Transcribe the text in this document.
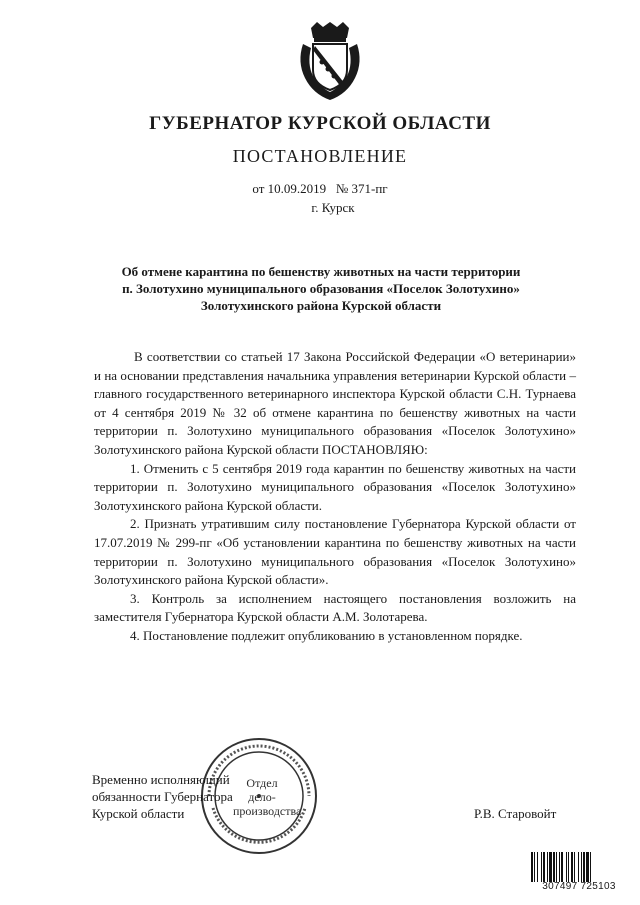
ГУБЕРНАТОР КУРСКОЙ ОБЛАСТИ
ПОСТАНОВЛЕНИЕ
от 10.09.2019   № 371-пг
г. Курск
Об отмене карантина по бешенству животных на части территории
п. Золотухино муниципального образования «Поселок Золотухино»
Золотухинского района Курской области

В соответствии со статьей 17 Закона Российской Федерации «О ветеринарии» и на основании представления начальника управления ветеринарии Курской области – главного государственного ветеринарного инспектора Курской области С.Н. Турнаева от 4 сентября 2019 № 32 об отмене карантина по бешенству животных на части территории п. Золотухино муниципального образования «Поселок Золотухино» Золотухинского района Курской области ПОСТАНОВЛЯЮ:

1. Отменить с 5 сентября 2019 года карантин по бешенству животных на части территории п. Золотухино муниципального образования «Поселок Золотухино» Золотухинского района Курской области.

2. Признать утратившим силу постановление Губернатора Курской области от 17.07.2019 № 299-пг «Об установлении карантина по бешенству животных на части территории п. Золотухино муниципального образования «Поселок Золотухино» Золотухинского района Курской области».

3. Контроль за исполнением настоящего постановления возложить на заместителя Губернатора Курской области А.М. Золотарева.

4. Постановление подлежит опубликованию в установленном порядке.

Временно исполняющий
обязанности Губернатора
Курской области
Отдел
дело-
производства	Р.В. Старовойт
307497 725103
